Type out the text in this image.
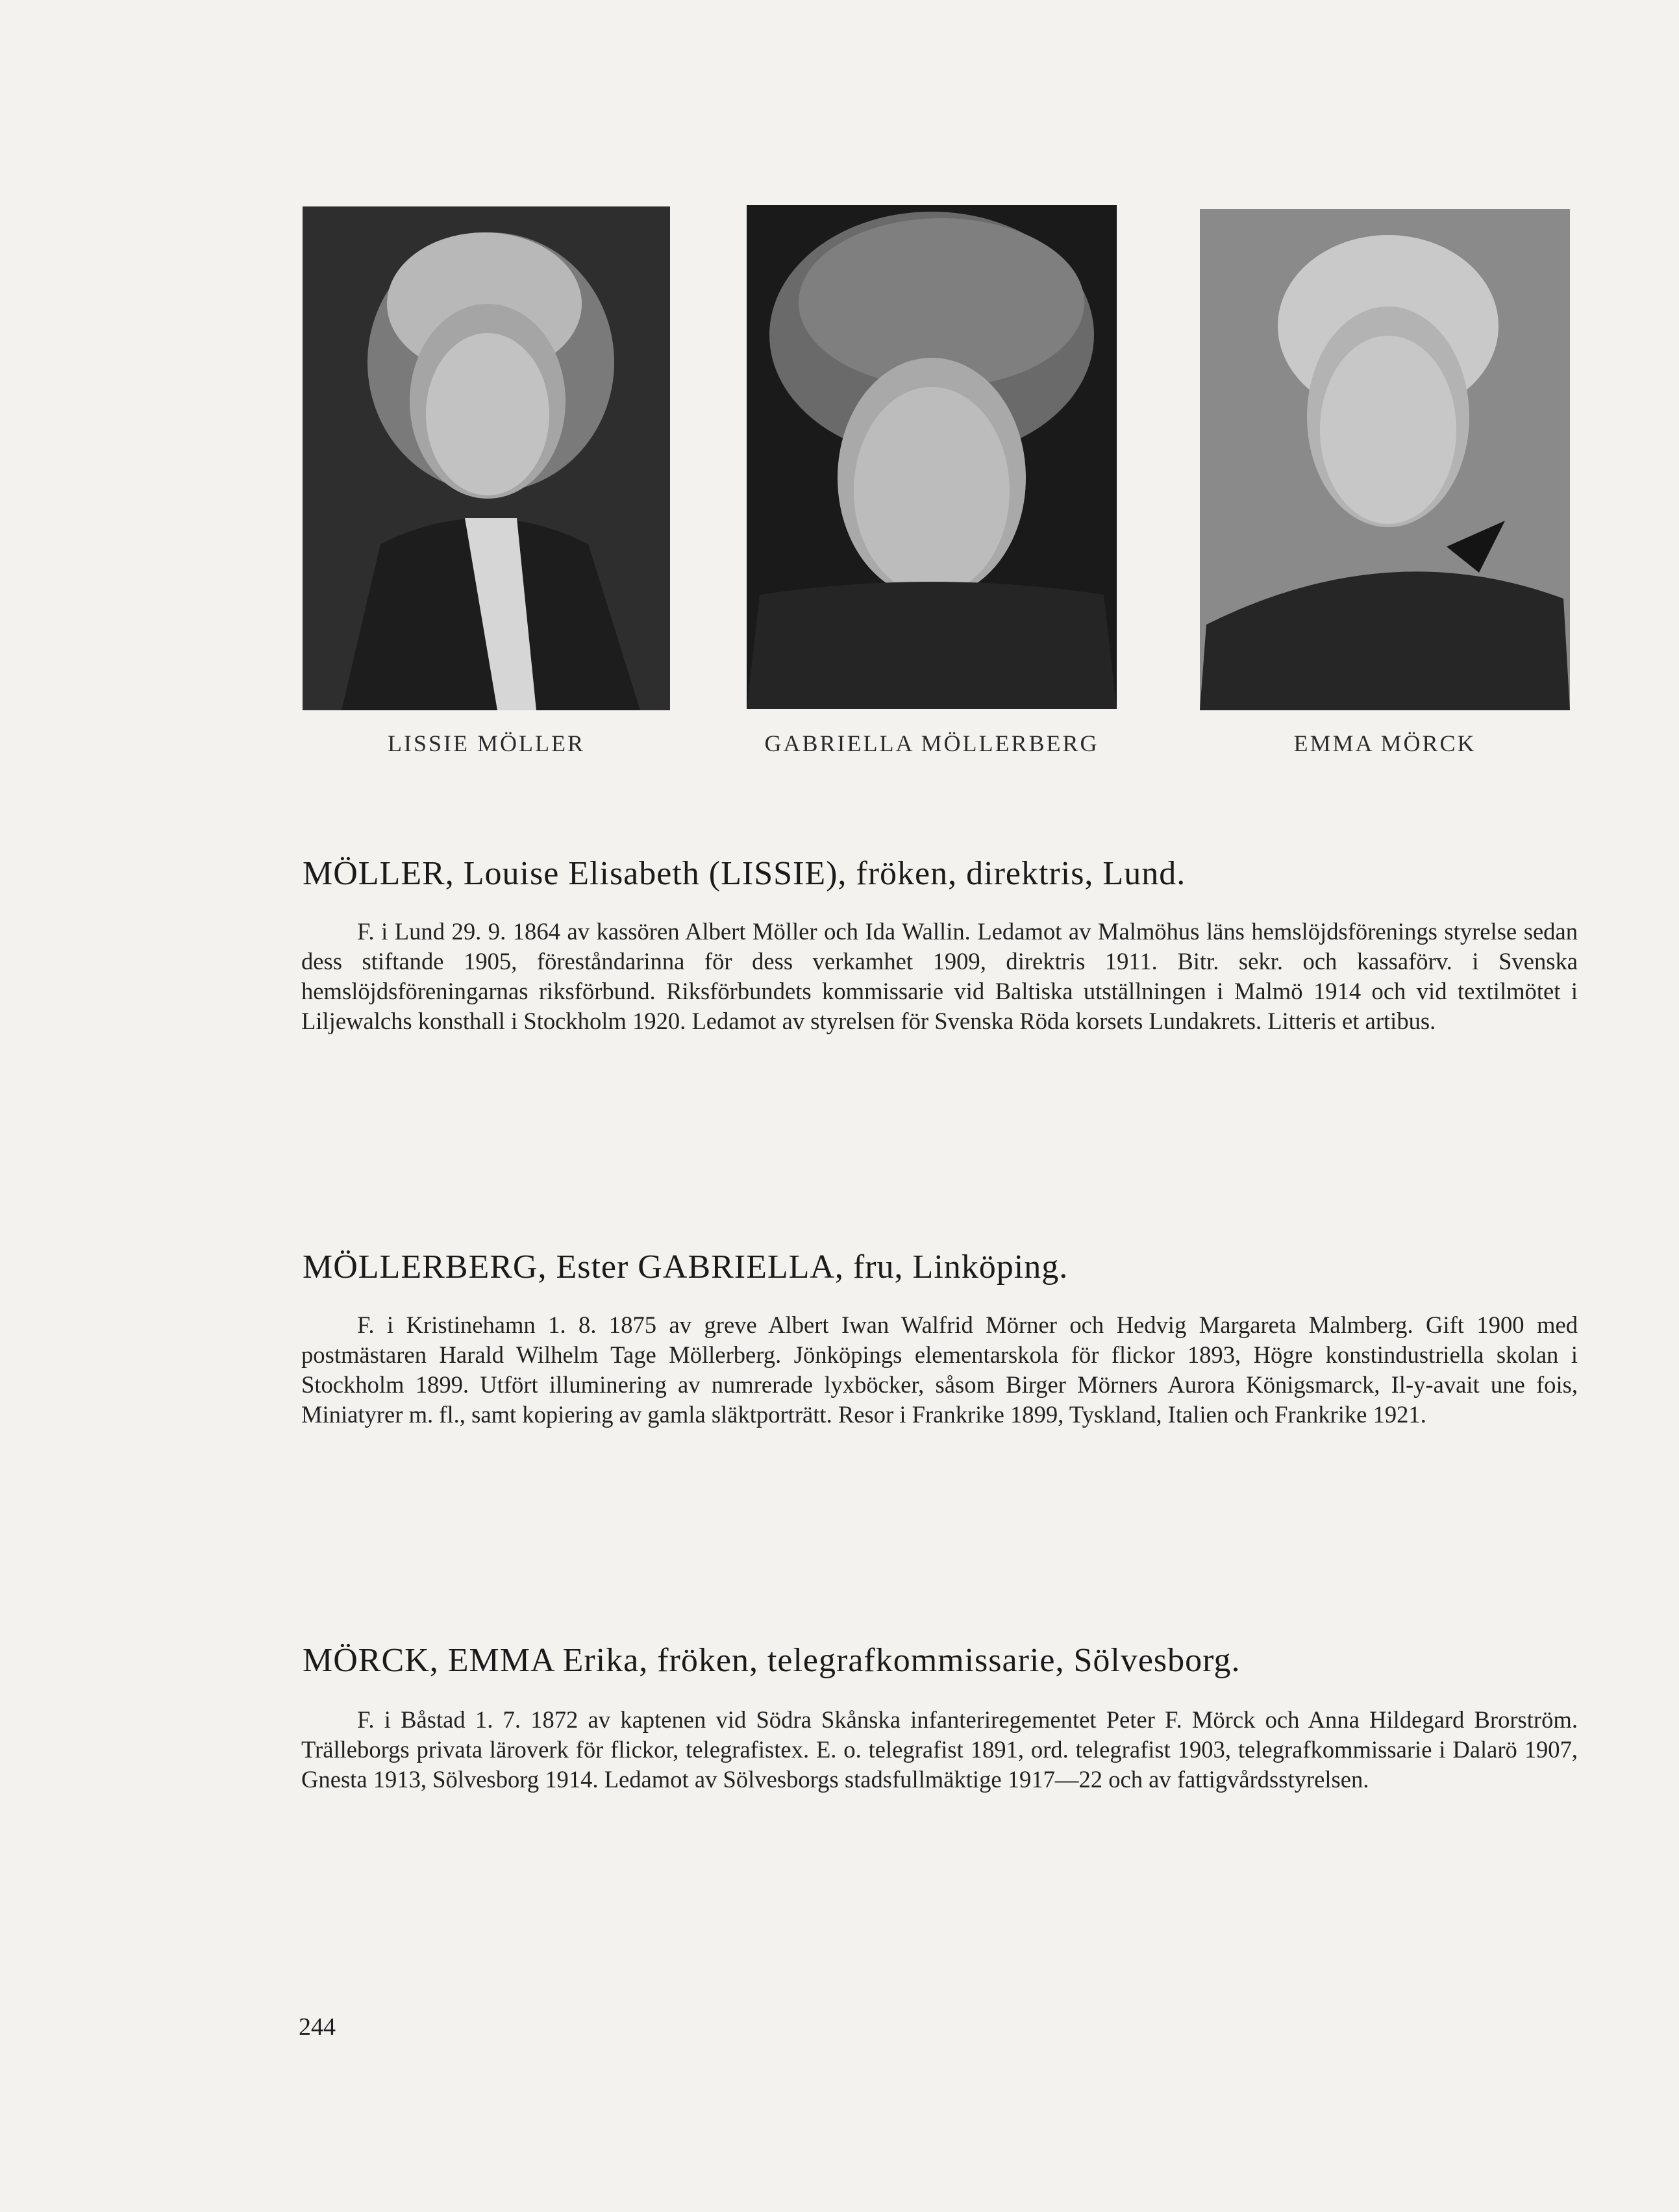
LISSIE MÖLLER	GABRIELLA MÖLLERBERG	EMMA MÖRCK
MÖLLER, Louise Elisabeth (LISSIE), fröken, direktris, Lund.
F. i Lund 29. 9. 1864 av kassören Albert Möller och Ida Wallin. Ledamot av Malmöhus läns hemslöjdsförenings styrelse sedan dess stiftande 1905, föreståndarinna för dess verkamhet 1909, direktris 1911. Bitr. sekr. och kassaförv. i Svenska hemslöjdsföreningarnas riksförbund. Riksförbundets kommissarie vid Baltiska utställningen i Malmö 1914 och vid textilmötet i Liljewalchs konsthall i Stockholm 1920. Ledamot av styrelsen för Svenska Röda korsets Lundakrets. Litteris et artibus.
MÖLLERBERG, Ester GABRIELLA, fru, Linköping.
F. i Kristinehamn 1. 8. 1875 av greve Albert Iwan Walfrid Mörner och Hedvig Margareta Malmberg. Gift 1900 med postmästaren Harald Wilhelm Tage Möllerberg. Jönköpings elementarskola för flickor 1893, Högre konstindustriella skolan i Stockholm 1899. Utfört illuminering av numrerade lyxböcker, såsom Birger Mörners Aurora Königsmarck, Il-y-avait une fois, Miniatyrer m. fl., samt kopiering av gamla släktporträtt. Resor i Frankrike 1899, Tyskland, Italien och Frankrike 1921.
MÖRCK, EMMA Erika, fröken, telegrafkommissarie, Sölvesborg.
F. i Båstad 1. 7. 1872 av kaptenen vid Södra Skånska infanteriregementet Peter F. Mörck och Anna Hildegard Brorström. Trälleborgs privata läroverk för flickor, telegrafistex. E. o. telegrafist 1891, ord. telegrafist 1903, telegrafkommissarie i Dalarö 1907, Gnesta 1913, Sölvesborg 1914. Ledamot av Sölvesborgs stadsfullmäktige 1917—22 och av fattigvårdsstyrelsen.
244
